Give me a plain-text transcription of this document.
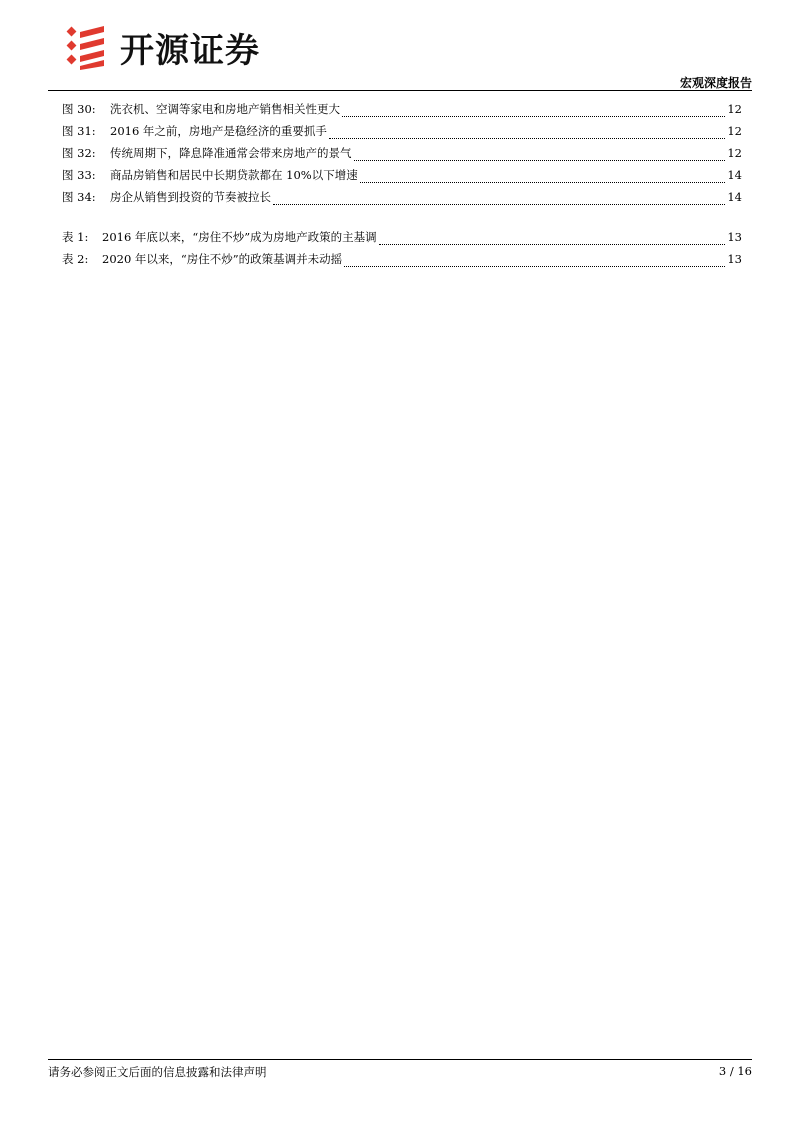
开源证券
宏观深度报告
图 30:	洗衣机、空调等家电和房地产销售相关性更大	12
图 31:	2016 年之前，房地产是稳经济的重要抓手	12
图 32:	传统周期下，降息降准通常会带来房地产的景气	12
图 33:	商品房销售和居民中长期贷款都在 10%以下增速	14
图 34:	房企从销售到投资的节奏被拉长	14
表 1:	2016 年底以来，“房住不炒”成为房地产政策的主基调	13
表 2:	2020 年以来，“房住不炒”的政策基调并未动摇	13
请务必参阅正文后面的信息披露和法律声明	3 / 16
